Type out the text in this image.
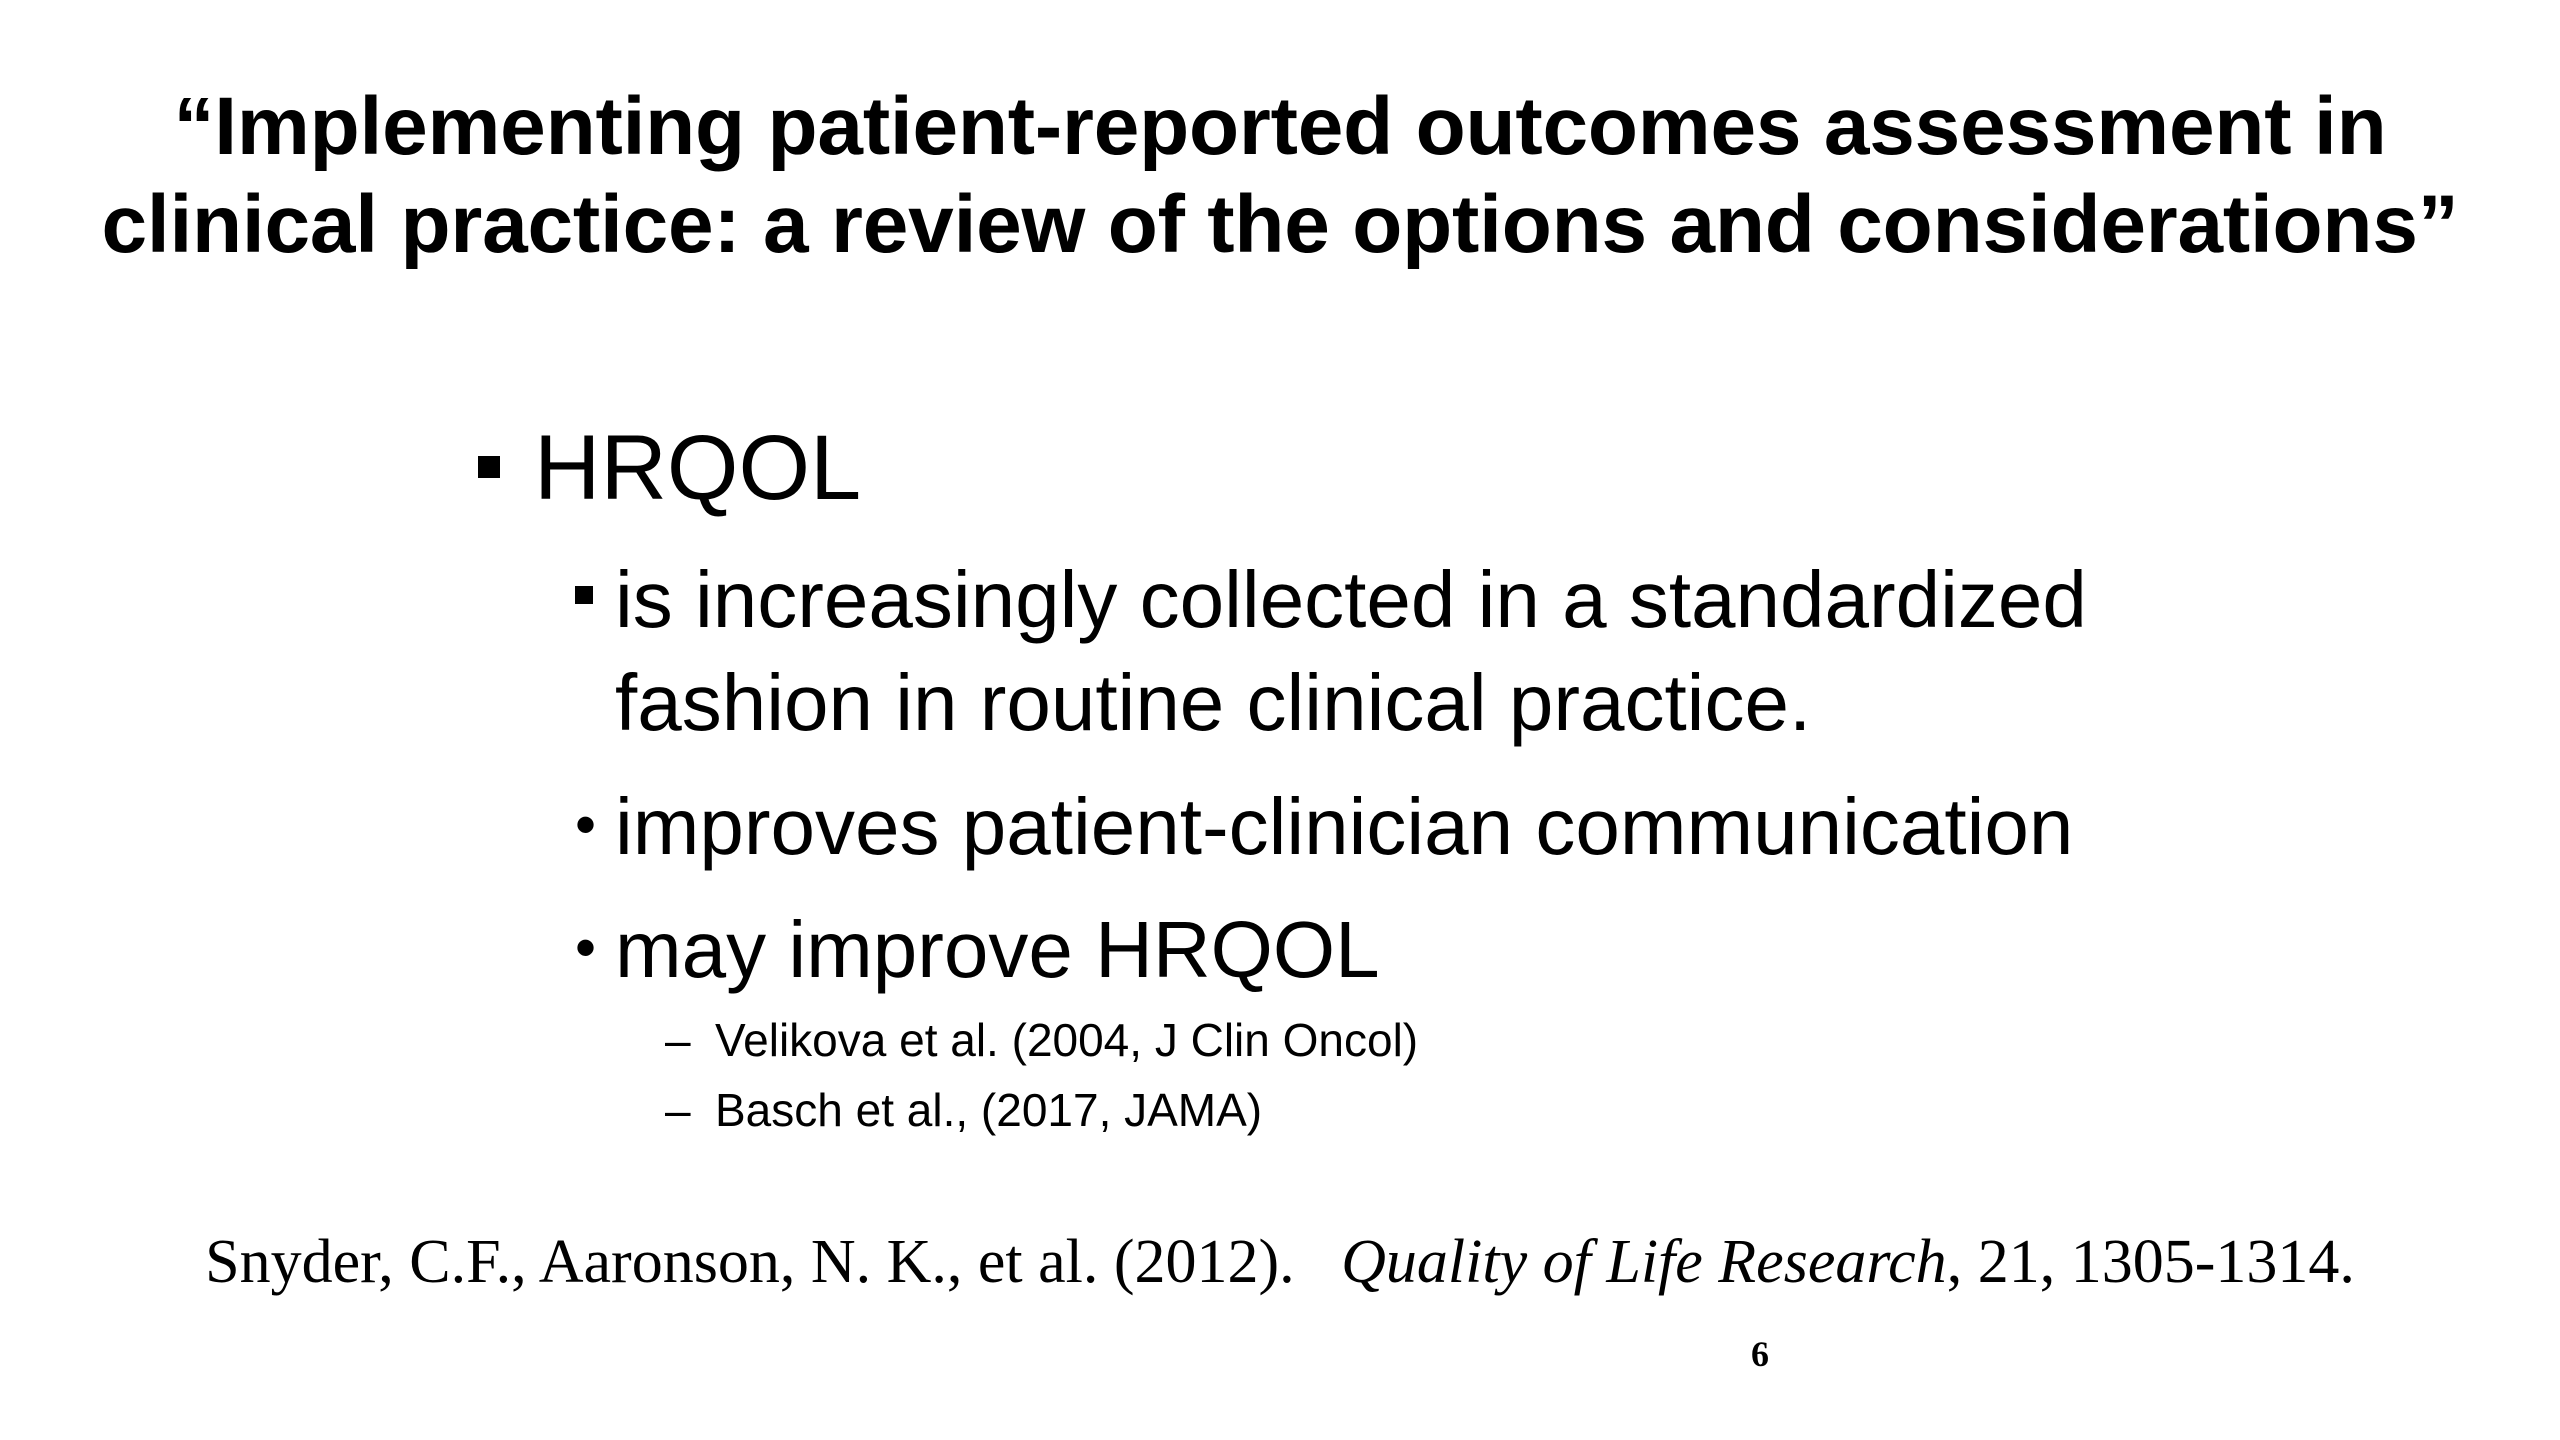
“Implementing patient-reported outcomes assessment in
clinical practice: a review of the options and considerations”
HRQOL
is increasingly collected in a standardized
fashion in routine clinical practice.
• improves patient-clinician communication
• may improve HRQOL
– Velikova et al. (2004, J Clin Oncol)
– Basch et al., (2017, JAMA)
Snyder, C.F., Aaronson, N. K., et al. (2012). Quality of Life Research, 21, 1305-1314.
6
